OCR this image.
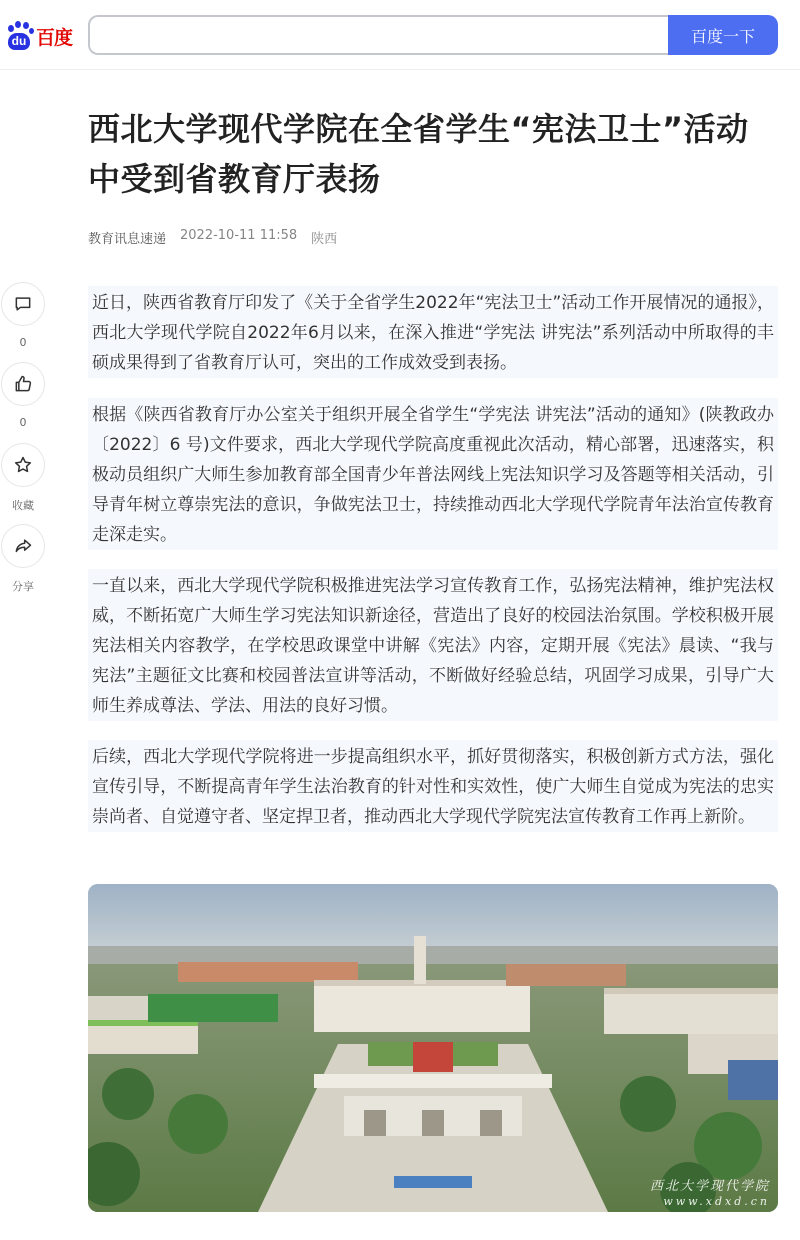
du 百度	百度一下
0
0
收藏
分享
西北大学现代学院在全省学生“宪法卫士”活动中受到省教育厅表扬
教育讯息速递 2022-10-11 11:58 陕西

近日，陕西省教育厅印发了《关于全省学生2022年“宪法卫士”活动工作开展情况的通报》，西北大学现代学院自2022年6月以来，在深入推进“学宪法 讲宪法”系列活动中所取得的丰硕成果得到了省教育厅认可，突出的工作成效受到表扬。

根据《陕西省教育厅办公室关于组织开展全省学生“学宪法 讲宪法”活动的通知》(陕教政办〔2022〕6 号)文件要求，西北大学现代学院高度重视此次活动，精心部署，迅速落实，积极动员组织广大师生参加教育部全国青少年普法网线上宪法知识学习及答题等相关活动，引导青年树立尊崇宪法的意识，争做宪法卫士，持续推动西北大学现代学院青年法治宣传教育走深走实。

一直以来，西北大学现代学院积极推进宪法学习宣传教育工作，弘扬宪法精神，维护宪法权威，不断拓宽广大师生学习宪法知识新途径，营造出了良好的校园法治氛围。学校积极开展宪法相关内容教学，在学校思政课堂中讲解《宪法》内容，定期开展《宪法》晨读、“我与宪法”主题征文比赛和校园普法宣讲等活动，不断做好经验总结，巩固学习成果，引导广大师生养成尊法、学法、用法的良好习惯。

后续，西北大学现代学院将进一步提高组织水平，抓好贯彻落实，积极创新方式方法，强化宣传引导，不断提高青年学生法治教育的针对性和实效性，使广大师生自觉成为宪法的忠实崇尚者、自觉遵守者、坚定捍卫者，推动西北大学现代学院宪法宣传教育工作再上新阶。

西北大学现代学院
www.xdxd.cn
